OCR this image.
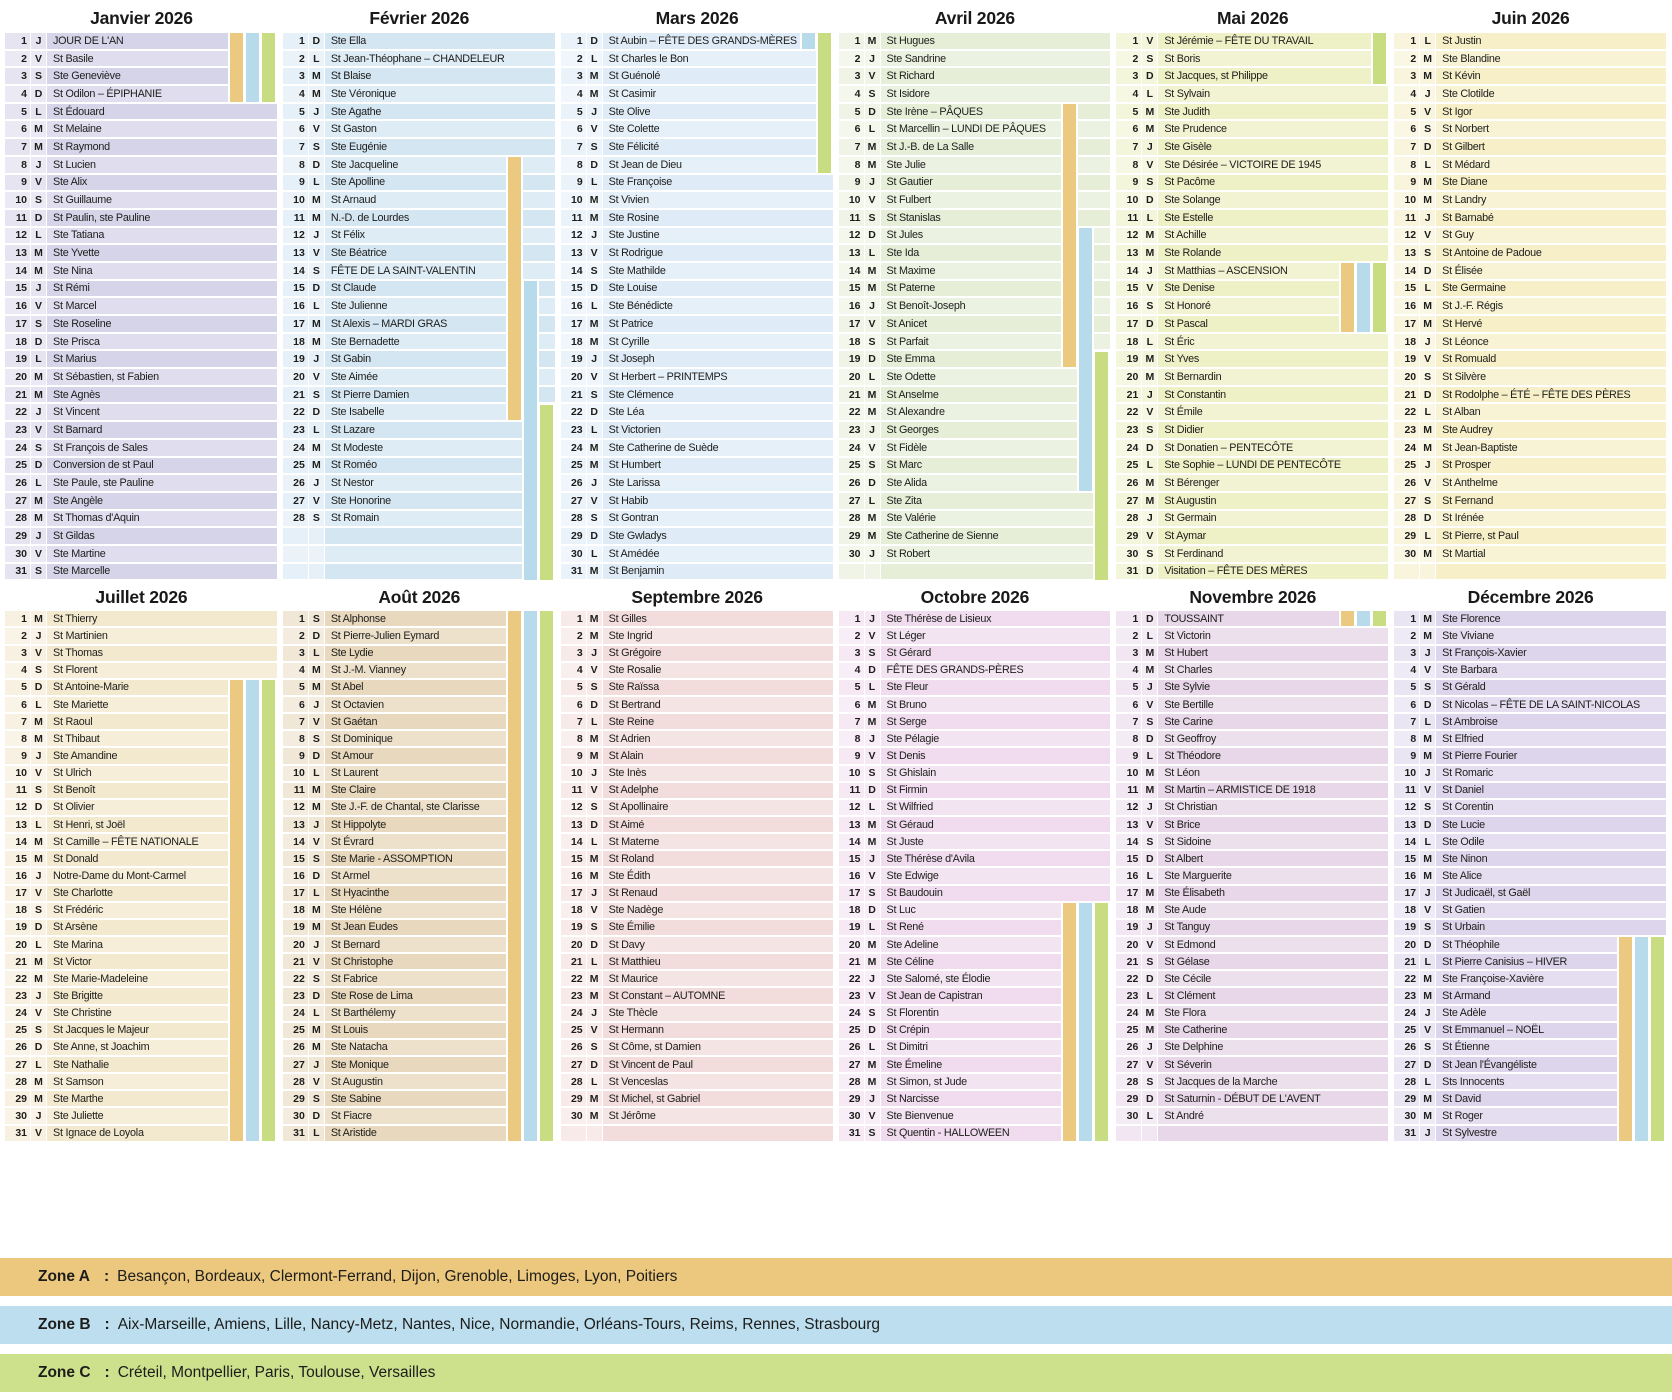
Janvier 2026
1 J	JOUR DE L'AN
2 V	St Basile
3 S	Ste Geneviève
4 D St Odilon – ÉPIPHANIE
5 L	St Édouard
6 M St Melaine
7 M St Raymond
8 J	St Lucien
9 V	Ste Alix
10 S	St Guillaume
11 D St Paulin, ste Pauline
12 L	Ste Tatiana
13 M Ste Yvette
14 M Ste Nina
15 J	St Rémi
16 V	St Marcel
17 S	Ste Roseline
18 D Ste Prisca
19 L	St Marius
20 M St Sébastien, st Fabien
21 M Ste Agnès
22 J	St Vincent
23 V	St Barnard
24 S	St François de Sales
25 D Conversion de st Paul
26 L	Ste Paule, ste Pauline
27 M Ste Angèle
28 M St Thomas d'Aquin
29 J	St Gildas
30 V	Ste Martine
31 S	Ste Marcelle
Février 2026
1 D Ste Ella
2 L	St Jean-Théophane – CHANDELEUR
3 M St Blaise
4 M Ste Véronique
5 J	Ste Agathe
6 V	St Gaston
7 S	Ste Eugénie
8 D Ste Jacqueline
9 L	Ste Apolline
10 M St Arnaud
11 M N.-D. de Lourdes
12 J	St Félix
13 V	Ste Béatrice
14 S	FÊTE DE LA SAINT-VALENTIN
15 D St Claude
16 L	Ste Julienne
17 M St Alexis – MARDI GRAS
18 M Ste Bernadette
19 J	St Gabin
20 V	Ste Aimée
21 S	St Pierre Damien
22 D Ste Isabelle
23 L	St Lazare
24 M St Modeste
25 M St Roméo
26 J	St Nestor
27 V	Ste Honorine
28 S	St Romain
Mars 2026
1 D St Aubin – FÊTE DES GRANDS-MÈRES
2 L	St Charles le Bon
3 M St Guénolé
4 M St Casimir
5 J	Ste Olive
6 V	Ste Colette
7 S	Ste Félicité
8 D St Jean de Dieu
9 L	Ste Françoise
10 M St Vivien
11 M Ste Rosine
12 J	Ste Justine
13 V	St Rodrigue
14 S	Ste Mathilde
15 D Ste Louise
16 L	Ste Bénédicte
17 M St Patrice
18 M St Cyrille
19 J	St Joseph
20 V	St Herbert – PRINTEMPS
21 S	Ste Clémence
22 D Ste Léa
23 L	St Victorien
24 M Ste Catherine de Suède
25 M St Humbert
26 J	Ste Larissa
27 V	St Habib
28 S	St Gontran
29 D Ste Gwladys
30 L	St Amédée
31 M St Benjamin
Avril 2026
1 M St Hugues
2 J	Ste Sandrine
3 V	St Richard
4 S	St Isidore
5 D Ste Irène – PÂQUES
6 L	St Marcellin – LUNDI DE PÂQUES
7 M St J.-B. de La Salle
8 M Ste Julie
9 J	St Gautier
10 V	St Fulbert
11 S	St Stanislas
12 D St Jules
13 L	Ste Ida
14 M St Maxime
15 M St Paterne
16 J	St Benoît-Joseph
17 V	St Anicet
18 S	St Parfait
19 D Ste Emma
20 L	Ste Odette
21 M St Anselme
22 M St Alexandre
23 J	St Georges
24 V	St Fidèle
25 S	St Marc
26 D Ste Alida
27 L	Ste Zita
28 M Ste Valérie
29 M Ste Catherine de Sienne
30 J	St Robert
Mai 2026
1 V	St Jérémie – FÊTE DU TRAVAIL
2 S	St Boris
3 D St Jacques, st Philippe
4 L	St Sylvain
5 M Ste Judith
6 M Ste Prudence
7 J	Ste Gisèle
8 V	Ste Désirée – VICTOIRE DE 1945
9 S	St Pacôme
10 D Ste Solange
11 L	Ste Estelle
12 M St Achille
13 M Ste Rolande
14 J	St Matthias – ASCENSION
15 V	Ste Denise
16 S	St Honoré
17 D St Pascal
18 L	St Éric
19 M St Yves
20 M St Bernardin
21 J	St Constantin
22 V	St Émile
23 S	St Didier
24 D St Donatien – PENTECÔTE
25 L	Ste Sophie – LUNDI DE PENTECÔTE
26 M St Bérenger
27 M St Augustin
28 J	St Germain
29 V	St Aymar
30 S	St Ferdinand
31 D Visitation – FÊTE DES MÈRES
Juin 2026
1 L	St Justin
2 M Ste Blandine
3 M St Kévin
4 J	Ste Clotilde
5 V	St Igor
6 S	St Norbert
7 D St Gilbert
8 L	St Médard
9 M Ste Diane
10 M St Landry
11 J	St Barnabé
12 V	St Guy
13 S	St Antoine de Padoue
14 D St Élisée
15 L	Ste Germaine
16 M St J.-F. Régis
17 M St Hervé
18 J	St Léonce
19 V	St Romuald
20 S	St Silvère
21 D St Rodolphe – ÉTÉ – FÊTE DES PÈRES
22 L	St Alban
23 M Ste Audrey
24 M St Jean-Baptiste
25 J	St Prosper
26 V	St Anthelme
27 S	St Fernand
28 D St Irénée
29 L	St Pierre, st Paul
30 M St Martial
Juillet 2026
1 M St Thierry
2 J	St Martinien
3 V	St Thomas
4 S	St Florent
5 D St Antoine-Marie
6 L	Ste Mariette
7 M St Raoul
8 M St Thibaut
9 J	Ste Amandine
10 V	St Ulrich
11 S	St Benoît
12 D St Olivier
13 L	St Henri, st Joël
14 M St Camille – FÊTE NATIONALE
15 M St Donald
16 J	Notre-Dame du Mont-Carmel
17 V	Ste Charlotte
18 S	St Frédéric
19 D St Arsène
20 L	Ste Marina
21 M St Victor
22 M Ste Marie-Madeleine
23 J	Ste Brigitte
24 V	Ste Christine
25 S	St Jacques le Majeur
26 D Ste Anne, st Joachim
27 L	Ste Nathalie
28 M St Samson
29 M Ste Marthe
30 J	Ste Juliette
31 V	St Ignace de Loyola
Août 2026
1 S	St Alphonse
2 D St Pierre-Julien Eymard
3 L	Ste Lydie
4 M St J.-M. Vianney
5 M St Abel
6 J	St Octavien
7 V	St Gaétan
8 S	St Dominique
9 D St Amour
10 L	St Laurent
11 M Ste Claire
12 M Ste J.-F. de Chantal, ste Clarisse
13 J	St Hippolyte
14 V	St Évrard
15 S	Ste Marie - ASSOMPTION
16 D St Armel
17 L	St Hyacinthe
18 M Ste Hélène
19 M St Jean Eudes
20 J	St Bernard
21 V	St Christophe
22 S	St Fabrice
23 D Ste Rose de Lima
24 L	St Barthélemy
25 M St Louis
26 M Ste Natacha
27 J	Ste Monique
28 V	St Augustin
29 S	Ste Sabine
30 D St Fiacre
31 L	St Aristide
Septembre 2026
1 M St Gilles
2 M Ste Ingrid
3 J	St Grégoire
4 V	Ste Rosalie
5 S	Ste Raïssa
6 D St Bertrand
7 L	Ste Reine
8 M St Adrien
9 M St Alain
10 J	Ste Inès
11 V	St Adelphe
12 S	St Apollinaire
13 D St Aimé
14 L	St Materne
15 M St Roland
16 M Ste Édith
17 J	St Renaud
18 V	Ste Nadège
19 S	Ste Émilie
20 D St Davy
21 L	St Matthieu
22 M St Maurice
23 M St Constant – AUTOMNE
24 J	Ste Thècle
25 V	St Hermann
26 S	St Côme, st Damien
27 D St Vincent de Paul
28 L	St Venceslas
29 M St Michel, st Gabriel
30 M St Jérôme
Octobre 2026
1 J	Ste Thérèse de Lisieux
2 V	St Léger
3 S	St Gérard
4 D FÊTE DES GRANDS-PÈRES
5 L	Ste Fleur
6 M St Bruno
7 M St Serge
8 J	Ste Pélagie
9 V	St Denis
10 S	St Ghislain
11 D St Firmin
12 L	St Wilfried
13 M St Géraud
14 M St Juste
15 J	Ste Thérèse d'Avila
16 V	Ste Edwige
17 S	St Baudouin
18 D St Luc
19 L	St René
20 M Ste Adeline
21 M Ste Céline
22 J	Ste Salomé, ste Élodie
23 V	St Jean de Capistran
24 S	St Florentin
25 D St Crépin
26 L	St Dimitri
27 M Ste Émeline
28 M St Simon, st Jude
29 J	St Narcisse
30 V	Ste Bienvenue
31 S	St Quentin - HALLOWEEN
Novembre 2026
1 D TOUSSAINT
2 L	St Victorin
3 M St Hubert
4 M St Charles
5 J	Ste Sylvie
6 V	Ste Bertille
7 S	Ste Carine
8 D St Geoffroy
9 L	St Théodore
10 M St Léon
11 M St Martin – ARMISTICE DE 1918
12 J	St Christian
13 V	St Brice
14 S	St Sidoine
15 D St Albert
16 L	Ste Marguerite
17 M Ste Élisabeth
18 M Ste Aude
19 J	St Tanguy
20 V	St Edmond
21 S	St Gélase
22 D Ste Cécile
23 L	St Clément
24 M Ste Flora
25 M Ste Catherine
26 J	Ste Delphine
27 V	St Séverin
28 S	St Jacques de la Marche
29 D St Saturnin - DÉBUT DE L'AVENT
30 L	St André
Décembre 2026
1 M Ste Florence
2 M Ste Viviane
3 J	St François-Xavier
4 V	Ste Barbara
5 S	St Gérald
6 D St Nicolas – FÊTE DE LA SAINT-NICOLAS
7 L	St Ambroise
8 M St Elfried
9 M St Pierre Fourier
10 J	St Romaric
11 V	St Daniel
12 S	St Corentin
13 D Ste Lucie
14 L	Ste Odile
15 M Ste Ninon
16 M Ste Alice
17 J	St Judicaël, st Gaël
18 V	St Gatien
19 S	St Urbain
20 D St Théophile
21 L	St Pierre Canisius – HIVER
22 M Ste Françoise-Xavière
23 M St Armand
24 J	Ste Adèle
25 V	St Emmanuel – NOËL
26 S	St Étienne
27 D St Jean l'Évangéliste
28 L	Sts Innocents
29 M St David
30 M St Roger
31 J	St Sylvestre
Zone A : Besançon, Bordeaux, Clermont-Ferrand, Dijon, Grenoble, Limoges, Lyon, Poitiers
Zone B : Aix-Marseille, Amiens, Lille, Nancy-Metz, Nantes, Nice, Normandie, Orléans-Tours, Reims, Rennes, Strasbourg
Zone C : Créteil, Montpellier, Paris, Toulouse, Versailles
